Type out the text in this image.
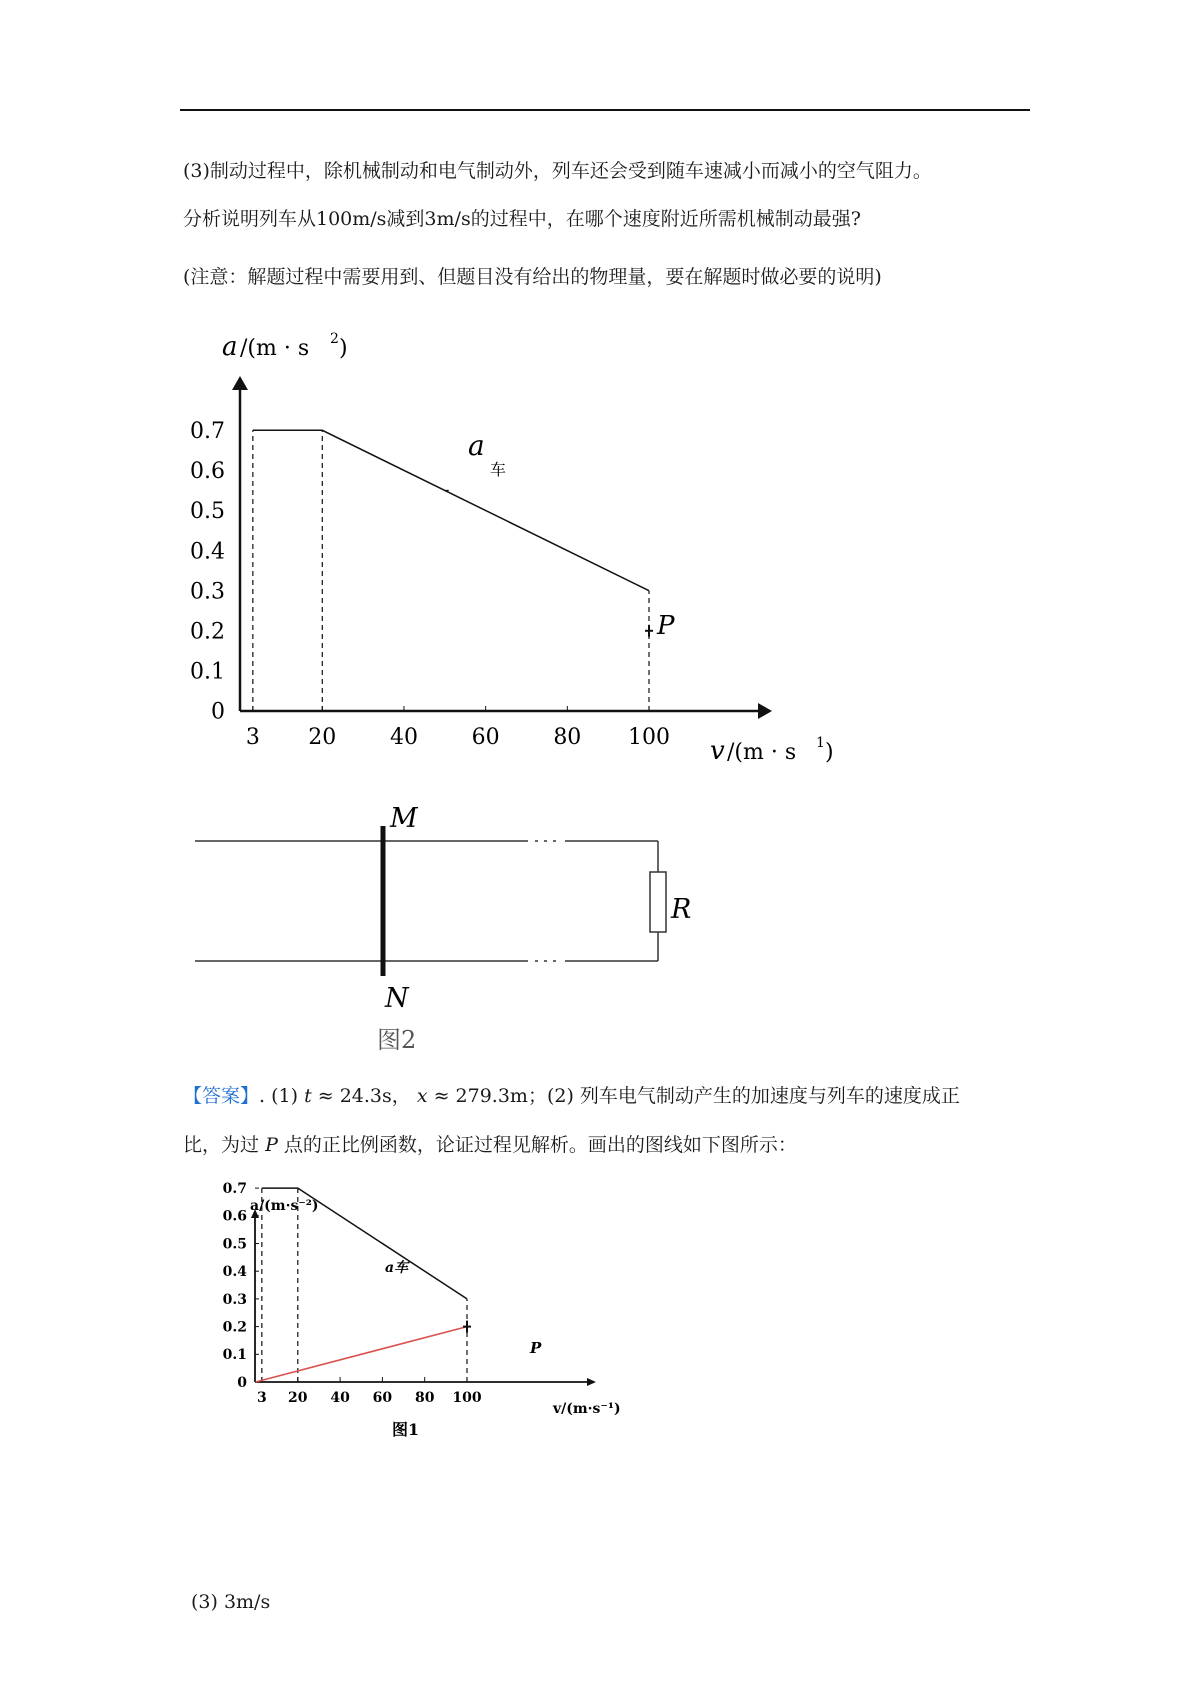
(3)制动过程中，除机械制动和电气制动外，列车还会受到随车速减小而减小的空气阻力。
分析说明列车从100m/s减到3m/s的过程中，在哪个速度附近所需机械制动最强?
(注意：解题过程中需要用到、但题目没有给出的物理量，要在解题时做必要的说明)
0.7
0.6
0.5
0.4
0.3
0.2
0.1
0
3 20 40 60 80 100
a /(m · s 2 )
v /(m · s 1 )
a
车
P
M
N
R
图2
【答案】. (1) t ≈ 24.3s， x ≈ 279.3m；(2) 列车电气制动产生的加速度与列车的速度成正
比，为过 P 点的正比例函数，论证过程见解析。画出的图线如下图所示：
0.7
0.6
0.5
0.4
0.3
0.2
0.1
0
3 20 40 60 80 100
a/(m·s⁻²)
v/(m·s⁻¹)
a车
P
图1
(3) 3m/s
